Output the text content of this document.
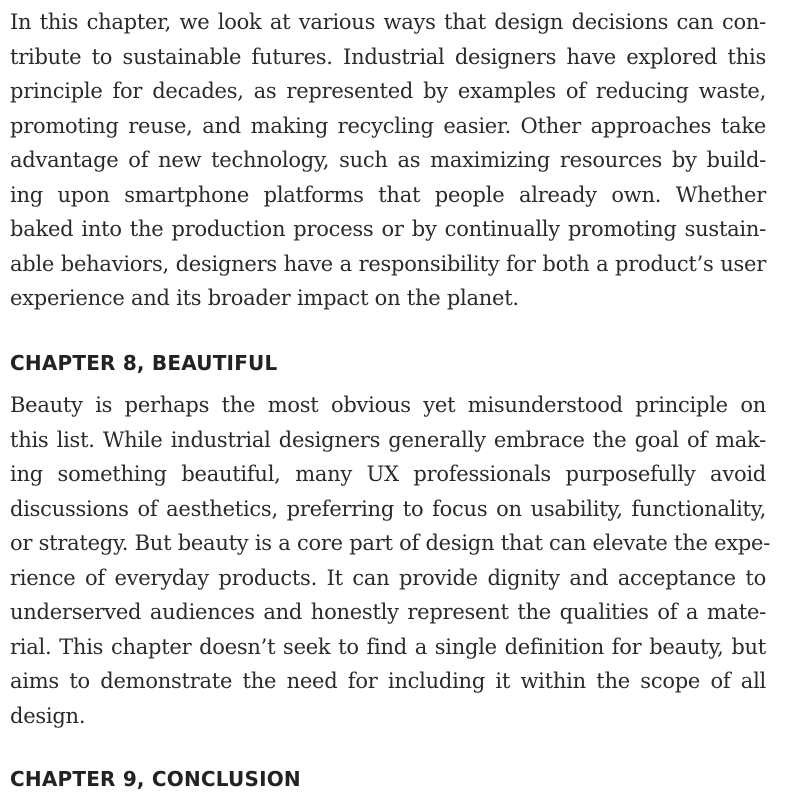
In this chapter, we look at various ways that design decisions can con-
tribute to sustainable futures. Industrial designers have explored this
principle for decades, as represented by examples of reducing waste,
promoting reuse, and making recycling easier. Other approaches take
advantage of new technology, such as maximizing resources by build-
ing upon smartphone platforms that people already own. Whether
baked into the production process or by continually promoting sustain-
able behaviors, designers have a responsibility for both a product’s user
experience and its broader impact on the planet.
CHAPTER 8, BEAUTIFUL
Beauty is perhaps the most obvious yet misunderstood principle on
this list. While industrial designers generally embrace the goal of mak-
ing something beautiful, many UX professionals purposefully avoid
discussions of aesthetics, preferring to focus on usability, functionality,
or strategy. But beauty is a core part of design that can elevate the expe-
rience of everyday products. It can provide dignity and acceptance to
underserved audiences and honestly represent the qualities of a mate-
rial. This chapter doesn’t seek to find a single definition for beauty, but
aims to demonstrate the need for including it within the scope of all
design.
CHAPTER 9, CONCLUSION
